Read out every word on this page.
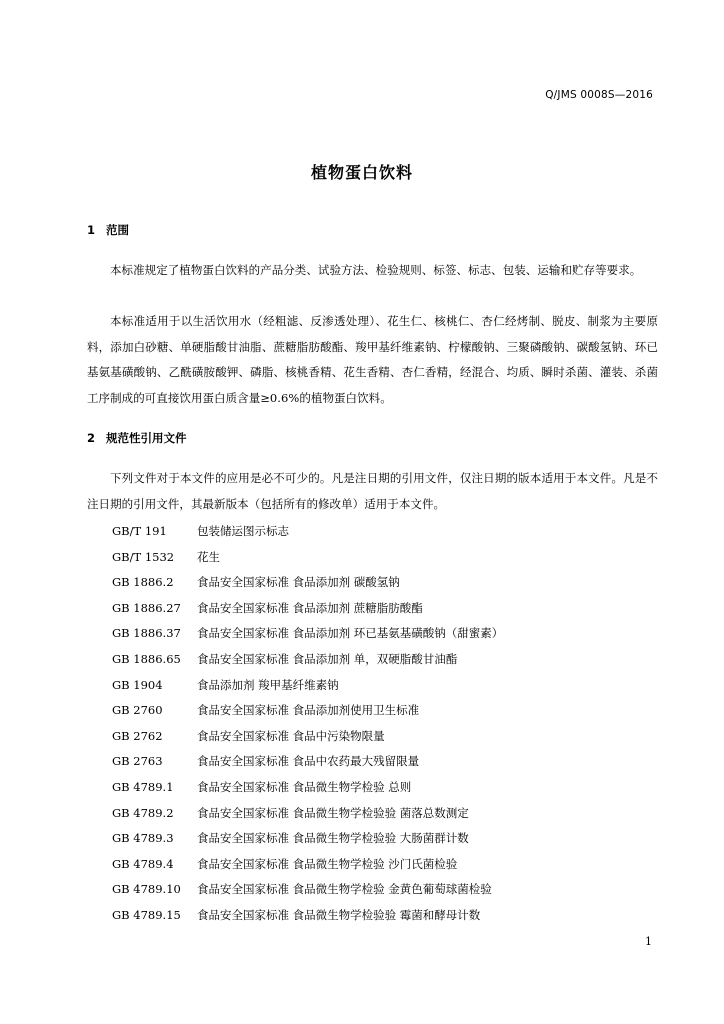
Q/JMS 0008S—2016
植物蛋白饮料
1 范围

本标准规定了植物蛋白饮料的产品分类、试验方法、检验规则、标签、标志、包装、运输和贮存等要求。

本标准适用于以生活饮用水（经粗滤、反渗透处理）、花生仁、核桃仁、杏仁经烤制、脱皮、制浆为主要原料，添加白砂糖、单硬脂酸甘油脂、蔗糖脂肪酸酯、羧甲基纤维素钠、柠檬酸钠、三聚磷酸钠、碳酸氢钠、环已基氨基磺酸钠、乙酰磺胺酸钾、磷脂、核桃香精、花生香精、杏仁香精，经混合、均质、瞬时杀菌、灌装、杀菌工序制成的可直接饮用蛋白质含量≥0.6%的植物蛋白饮料。

2 规范性引用文件

下列文件对于本文件的应用是必不可少的。凡是注日期的引用文件，仅注日期的版本适用于本文件。凡是不注日期的引用文件，其最新版本（包括所有的修改单）适用于本文件。

GB/T 191	包装储运图示标志
GB/T 1532 花生
GB 1886.2 食品安全国家标准 食品添加剂 碳酸氢钠
GB 1886.27 食品安全国家标准 食品添加剂 蔗糖脂肪酸酯
GB 1886.37 食品安全国家标准 食品添加剂 环已基氨基磺酸钠（甜蜜素）
GB 1886.65 食品安全国家标准 食品添加剂 单，双硬脂酸甘油酯
GB 1904	食品添加剂 羧甲基纤维素钠
GB 2760	食品安全国家标准 食品添加剂使用卫生标准
GB 2762	食品安全国家标准 食品中污染物限量
GB 2763	食品安全国家标准 食品中农药最大残留限量
GB 4789.1 食品安全国家标准 食品微生物学检验 总则
GB 4789.2 食品安全国家标准 食品微生物学检验验 菌落总数测定
GB 4789.3 食品安全国家标准 食品微生物学检验验 大肠菌群计数
GB 4789.4 食品安全国家标准 食品微生物学检验 沙门氏菌检验
GB 4789.10 食品安全国家标准 食品微生物学检验 金黄色葡萄球菌检验
GB 4789.15 食品安全国家标准 食品微生物学检验验 霉菌和酵母计数
1
